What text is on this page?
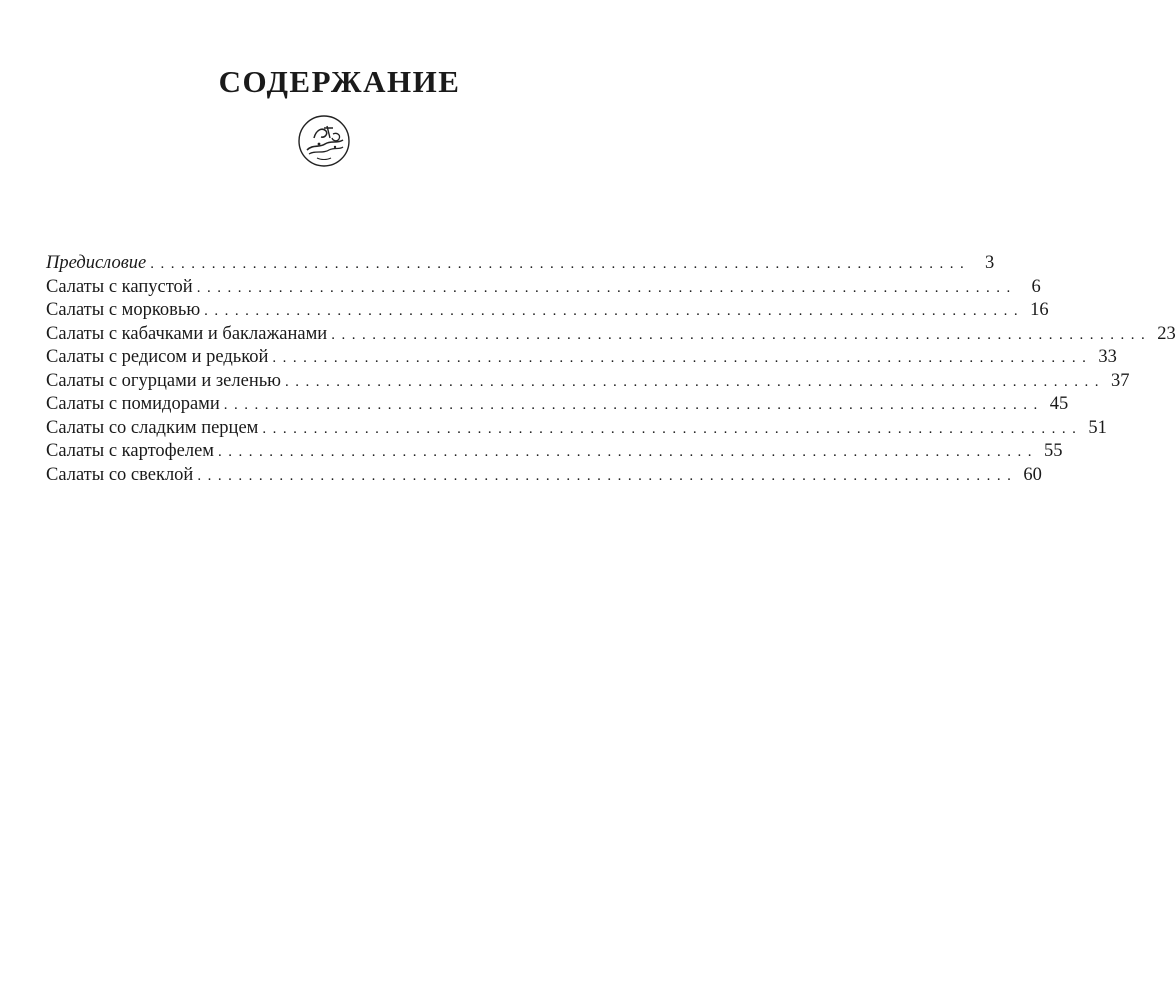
СОДЕРЖАНИЕ
Предисловие ................................................................................ 3
Салаты с капустой ................................................................................ 6
Салаты с морковью ................................................................................ 16
Салаты с кабачками и баклажанами ................................................................................ 23
Салаты с редисом и редькой ................................................................................ 33
Салаты с огурцами и зеленью ................................................................................ 37
Салаты с помидорами ................................................................................ 45
Салаты со сладким перцем ................................................................................ 51
Салаты с картофелем ................................................................................ 55
Салаты со свеклой ................................................................................ 60
